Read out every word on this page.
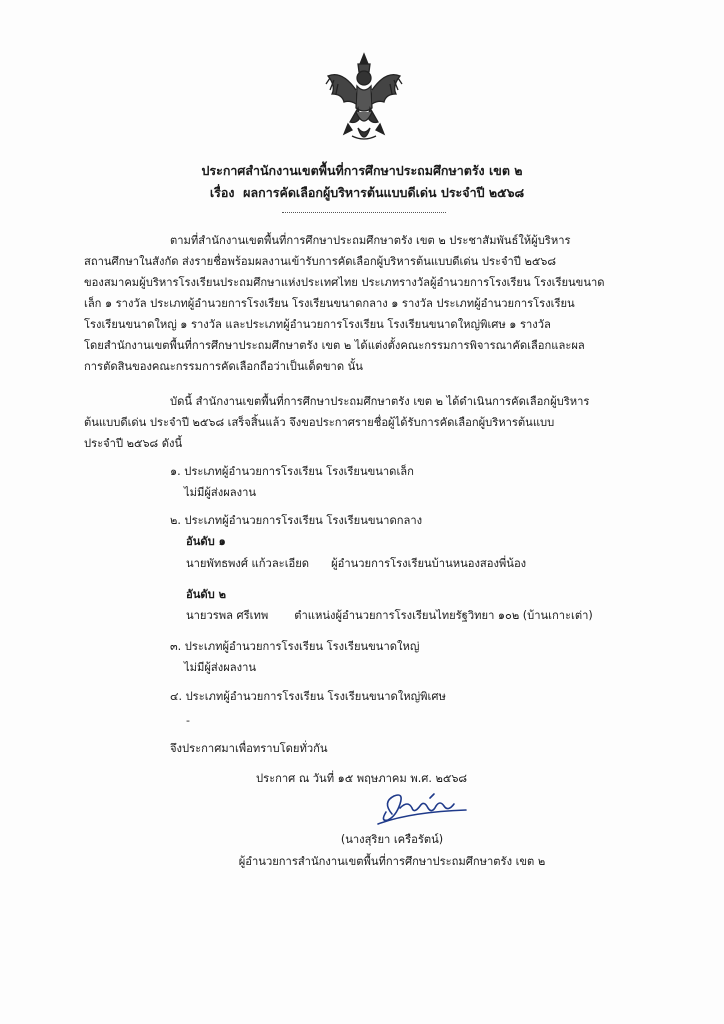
ประกาศสำนักงานเขตพื้นที่การศึกษาประถมศึกษาตรัง เขต ๒
เรื่อง ผลการคัดเลือกผู้บริหารต้นแบบดีเด่น ประจำปี ๒๕๖๘
ตามที่สำนักงานเขตพื้นที่การศึกษาประถมศึกษาตรัง เขต ๒ ประชาสัมพันธ์ให้ผู้บริหาร
สถานศึกษาในสังกัด ส่งรายชื่อพร้อมผลงานเข้ารับการคัดเลือกผู้บริหารต้นแบบดีเด่น ประจำปี ๒๕๖๘
ของสมาคมผู้บริหารโรงเรียนประถมศึกษาแห่งประเทศไทย ประเภทรางวัลผู้อำนวยการโรงเรียน โรงเรียนขนาด
เล็ก ๑ รางวัล ประเภทผู้อำนวยการโรงเรียน โรงเรียนขนาดกลาง ๑ รางวัล ประเภทผู้อำนวยการโรงเรียน
โรงเรียนขนาดใหญ่ ๑ รางวัล และประเภทผู้อำนวยการโรงเรียน โรงเรียนขนาดใหญ่พิเศษ ๑ รางวัล
โดยสำนักงานเขตพื้นที่การศึกษาประถมศึกษาตรัง เขต ๒ ได้แต่งตั้งคณะกรรมการพิจารณาคัดเลือกและผล
การตัดสินของคณะกรรมการคัดเลือกถือว่าเป็นเด็ดขาด นั้น
บัดนี้ สำนักงานเขตพื้นที่การศึกษาประถมศึกษาตรัง เขต ๒ ได้ดำเนินการคัดเลือกผู้บริหาร
ต้นแบบดีเด่น ประจำปี ๒๕๖๘ เสร็จสิ้นแล้ว จึงขอประกาศรายชื่อผู้ได้รับการคัดเลือกผู้บริหารต้นแบบ
ประจำปี ๒๕๖๘ ดังนี้
๑. ประเภทผู้อำนวยการโรงเรียน โรงเรียนขนาดเล็ก
ไม่มีผู้ส่งผลงาน
๒. ประเภทผู้อำนวยการโรงเรียน โรงเรียนขนาดกลาง
อันดับ ๑
นายพัทธพงศ์ แก้วละเอียด ผู้อำนวยการโรงเรียนบ้านหนองสองพี่น้อง
อันดับ ๒
นายวรพล ศรีเทพ ตำแหน่งผู้อำนวยการโรงเรียนไทยรัฐวิทยา ๑๐๒ (บ้านเกาะเต่า)
๓. ประเภทผู้อำนวยการโรงเรียน โรงเรียนขนาดใหญ่
ไม่มีผู้ส่งผลงาน
๔. ประเภทผู้อำนวยการโรงเรียน โรงเรียนขนาดใหญ่พิเศษ
-
จึงประกาศมาเพื่อทราบโดยทั่วกัน
ประกาศ ณ วันที่ ๑๕ พฤษภาคม พ.ศ. ๒๕๖๘
(นางสุริยา เครือรัตน์)
ผู้อำนวยการสำนักงานเขตพื้นที่การศึกษาประถมศึกษาตรัง เขต ๒
